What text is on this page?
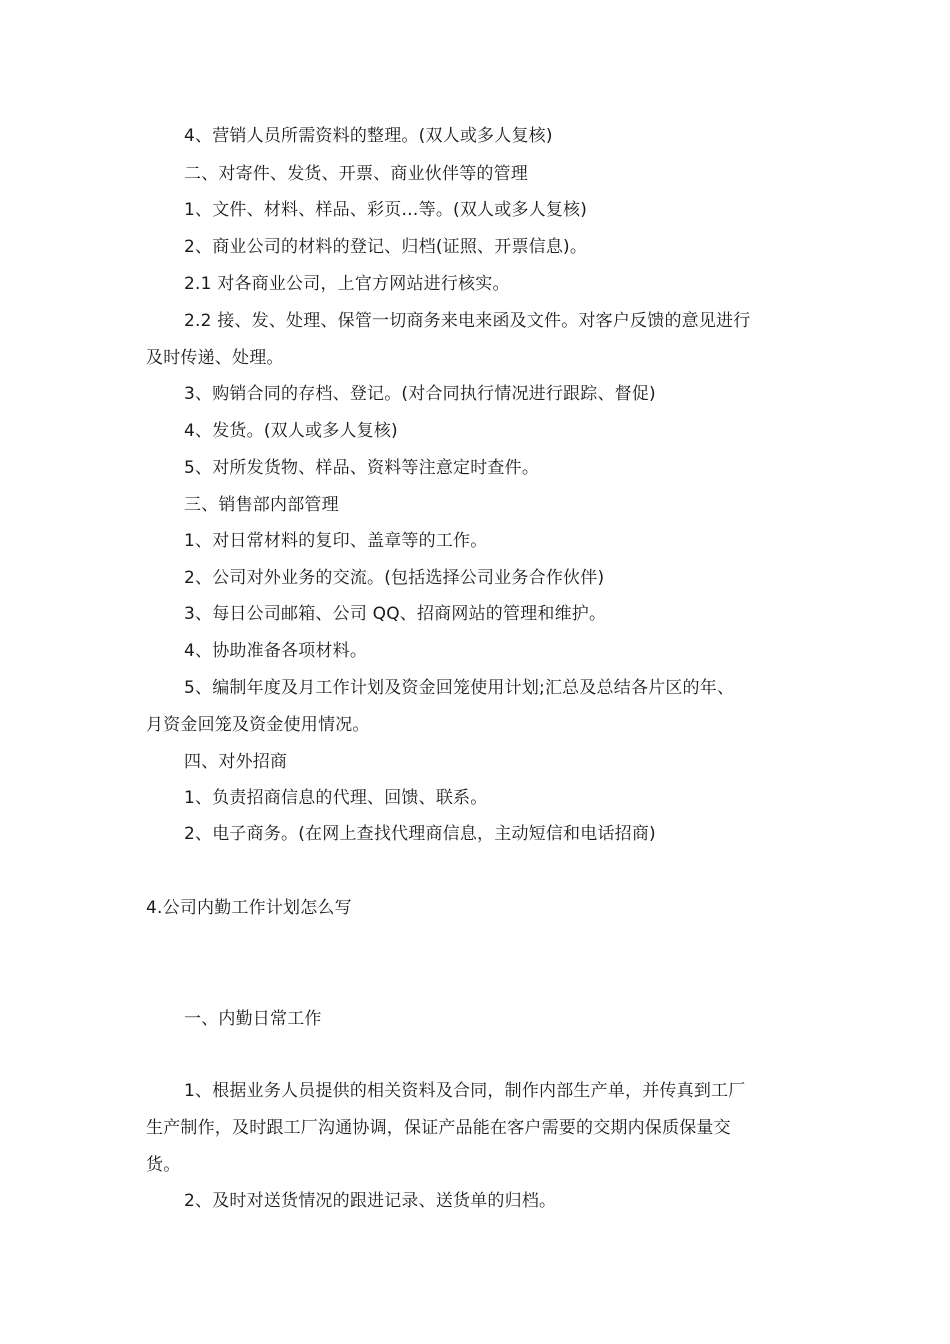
4、营销人员所需资料的整理。(双人或多人复核)
二、对寄件、发货、开票、商业伙伴等的管理
1、文件、材料、样品、彩页…等。(双人或多人复核)
2、商业公司的材料的登记、归档(证照、开票信息)。
2.1 对各商业公司，上官方网站进行核实。
2.2 接、发、处理、保管一切商务来电来函及文件。对客户反馈的意见进行
及时传递、处理。
3、购销合同的存档、登记。(对合同执行情况进行跟踪、督促)
4、发货。(双人或多人复核)
5、对所发货物、样品、资料等注意定时查件。
三、销售部内部管理
1、对日常材料的复印、盖章等的工作。
2、公司对外业务的交流。(包括选择公司业务合作伙伴)
3、每日公司邮箱、公司 QQ、招商网站的管理和维护。
4、协助准备各项材料。
5、编制年度及月工作计划及资金回笼使用计划;汇总及总结各片区的年、
月资金回笼及资金使用情况。
四、对外招商
1、负责招商信息的代理、回馈、联系。
2、电子商务。(在网上查找代理商信息，主动短信和电话招商)
4.公司内勤工作计划怎么写
一、内勤日常工作
1、根据业务人员提供的相关资料及合同，制作内部生产单，并传真到工厂
生产制作，及时跟工厂沟通协调，保证产品能在客户需要的交期内保质保量交
货。
2、及时对送货情况的跟进记录、送货单的归档。
